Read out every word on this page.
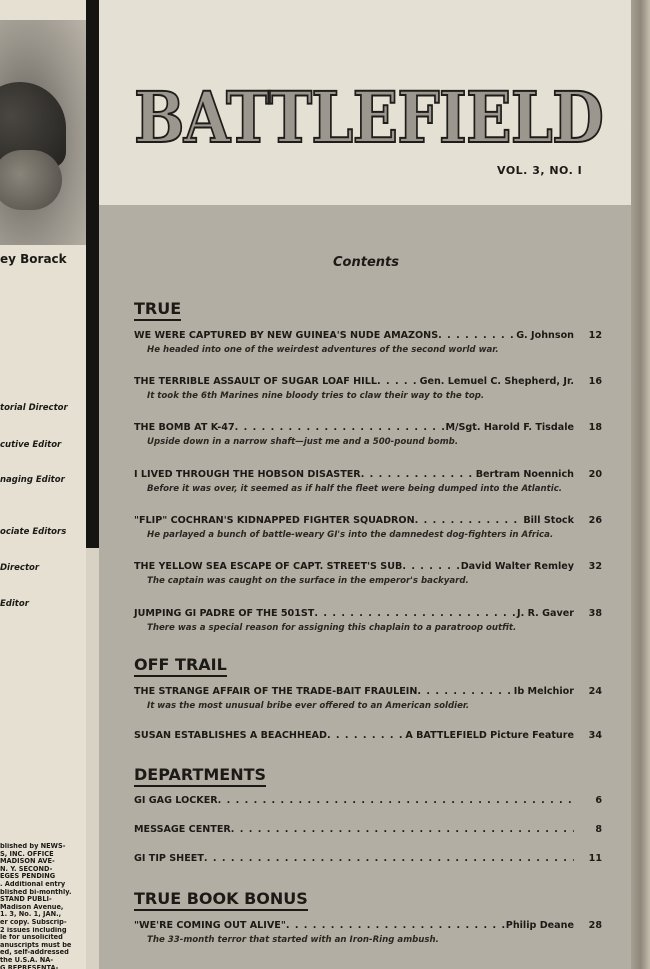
ey Borack
torial Director
cutive Editor
naging Editor
ociate Editors
Director
Editor
blished by NEWS-
S, INC. OFFICE
MADISON AVE-
N. Y. SECOND-
EGES PENDING
. Additional entry
blished bi-monthly.
STAND PUBLI-
Madison Avenue,
1. 3, No. 1, JAN.,
er copy. Subscrip-
2 issues including
le for unsolicited
anuscripts must be
ed, self-addressed
the U.S.A. NA-
G REPRESENTA-
BATTLEFIELD
VOL. 3, NO. I
Contents
TRUE
WE WERE CAPTURED BY NEW GUINEA'S NUDE AMAZONS . . .	G. Johnson	12
He headed into one of the weirdest adventures of the second world war.
THE TERRIBLE ASSAULT OF SUGAR LOAF HILL . . .	Gen. Lemuel C. Shepherd, Jr.	16
It took the 6th Marines nine bloody tries to claw their way to the top.
THE BOMB AT K-47 . . .	M/Sgt. Harold F. Tisdale	18
Upside down in a narrow shaft—just me and a 500-pound bomb.
I LIVED THROUGH THE HOBSON DISASTER . . .	Bertram Noennich	20
Before it was over, it seemed as if half the fleet were being dumped into the Atlantic.
"FLIP" COCHRAN'S KIDNAPPED FIGHTER SQUADRON . . .	Bill Stock	26
He parlayed a bunch of battle-weary GI's into the damnedest dog-fighters in Africa.
THE YELLOW SEA ESCAPE OF CAPT. STREET'S SUB . . .	David Walter Remley	32
The captain was caught on the surface in the emperor's backyard.
JUMPING GI PADRE OF THE 501ST . . .	J. R. Gaver	38
There was a special reason for assigning this chaplain to a paratroop outfit.
OFF TRAIL
THE STRANGE AFFAIR OF THE TRADE-BAIT FRAULEIN . . .	Ib Melchior	24
It was the most unusual bribe ever offered to an American soldier.
SUSAN ESTABLISHES A BEACHHEAD . . .	A BATTLEFIELD Picture Feature	34
DEPARTMENTS
GI GAG LOCKER . . .	6
MESSAGE CENTER . . .	8
GI TIP SHEET . . .	11
TRUE BOOK BONUS
"WE'RE COMING OUT ALIVE" . . .	Philip Deane	28
The 33-month terror that started with an Iron-Ring ambush.
